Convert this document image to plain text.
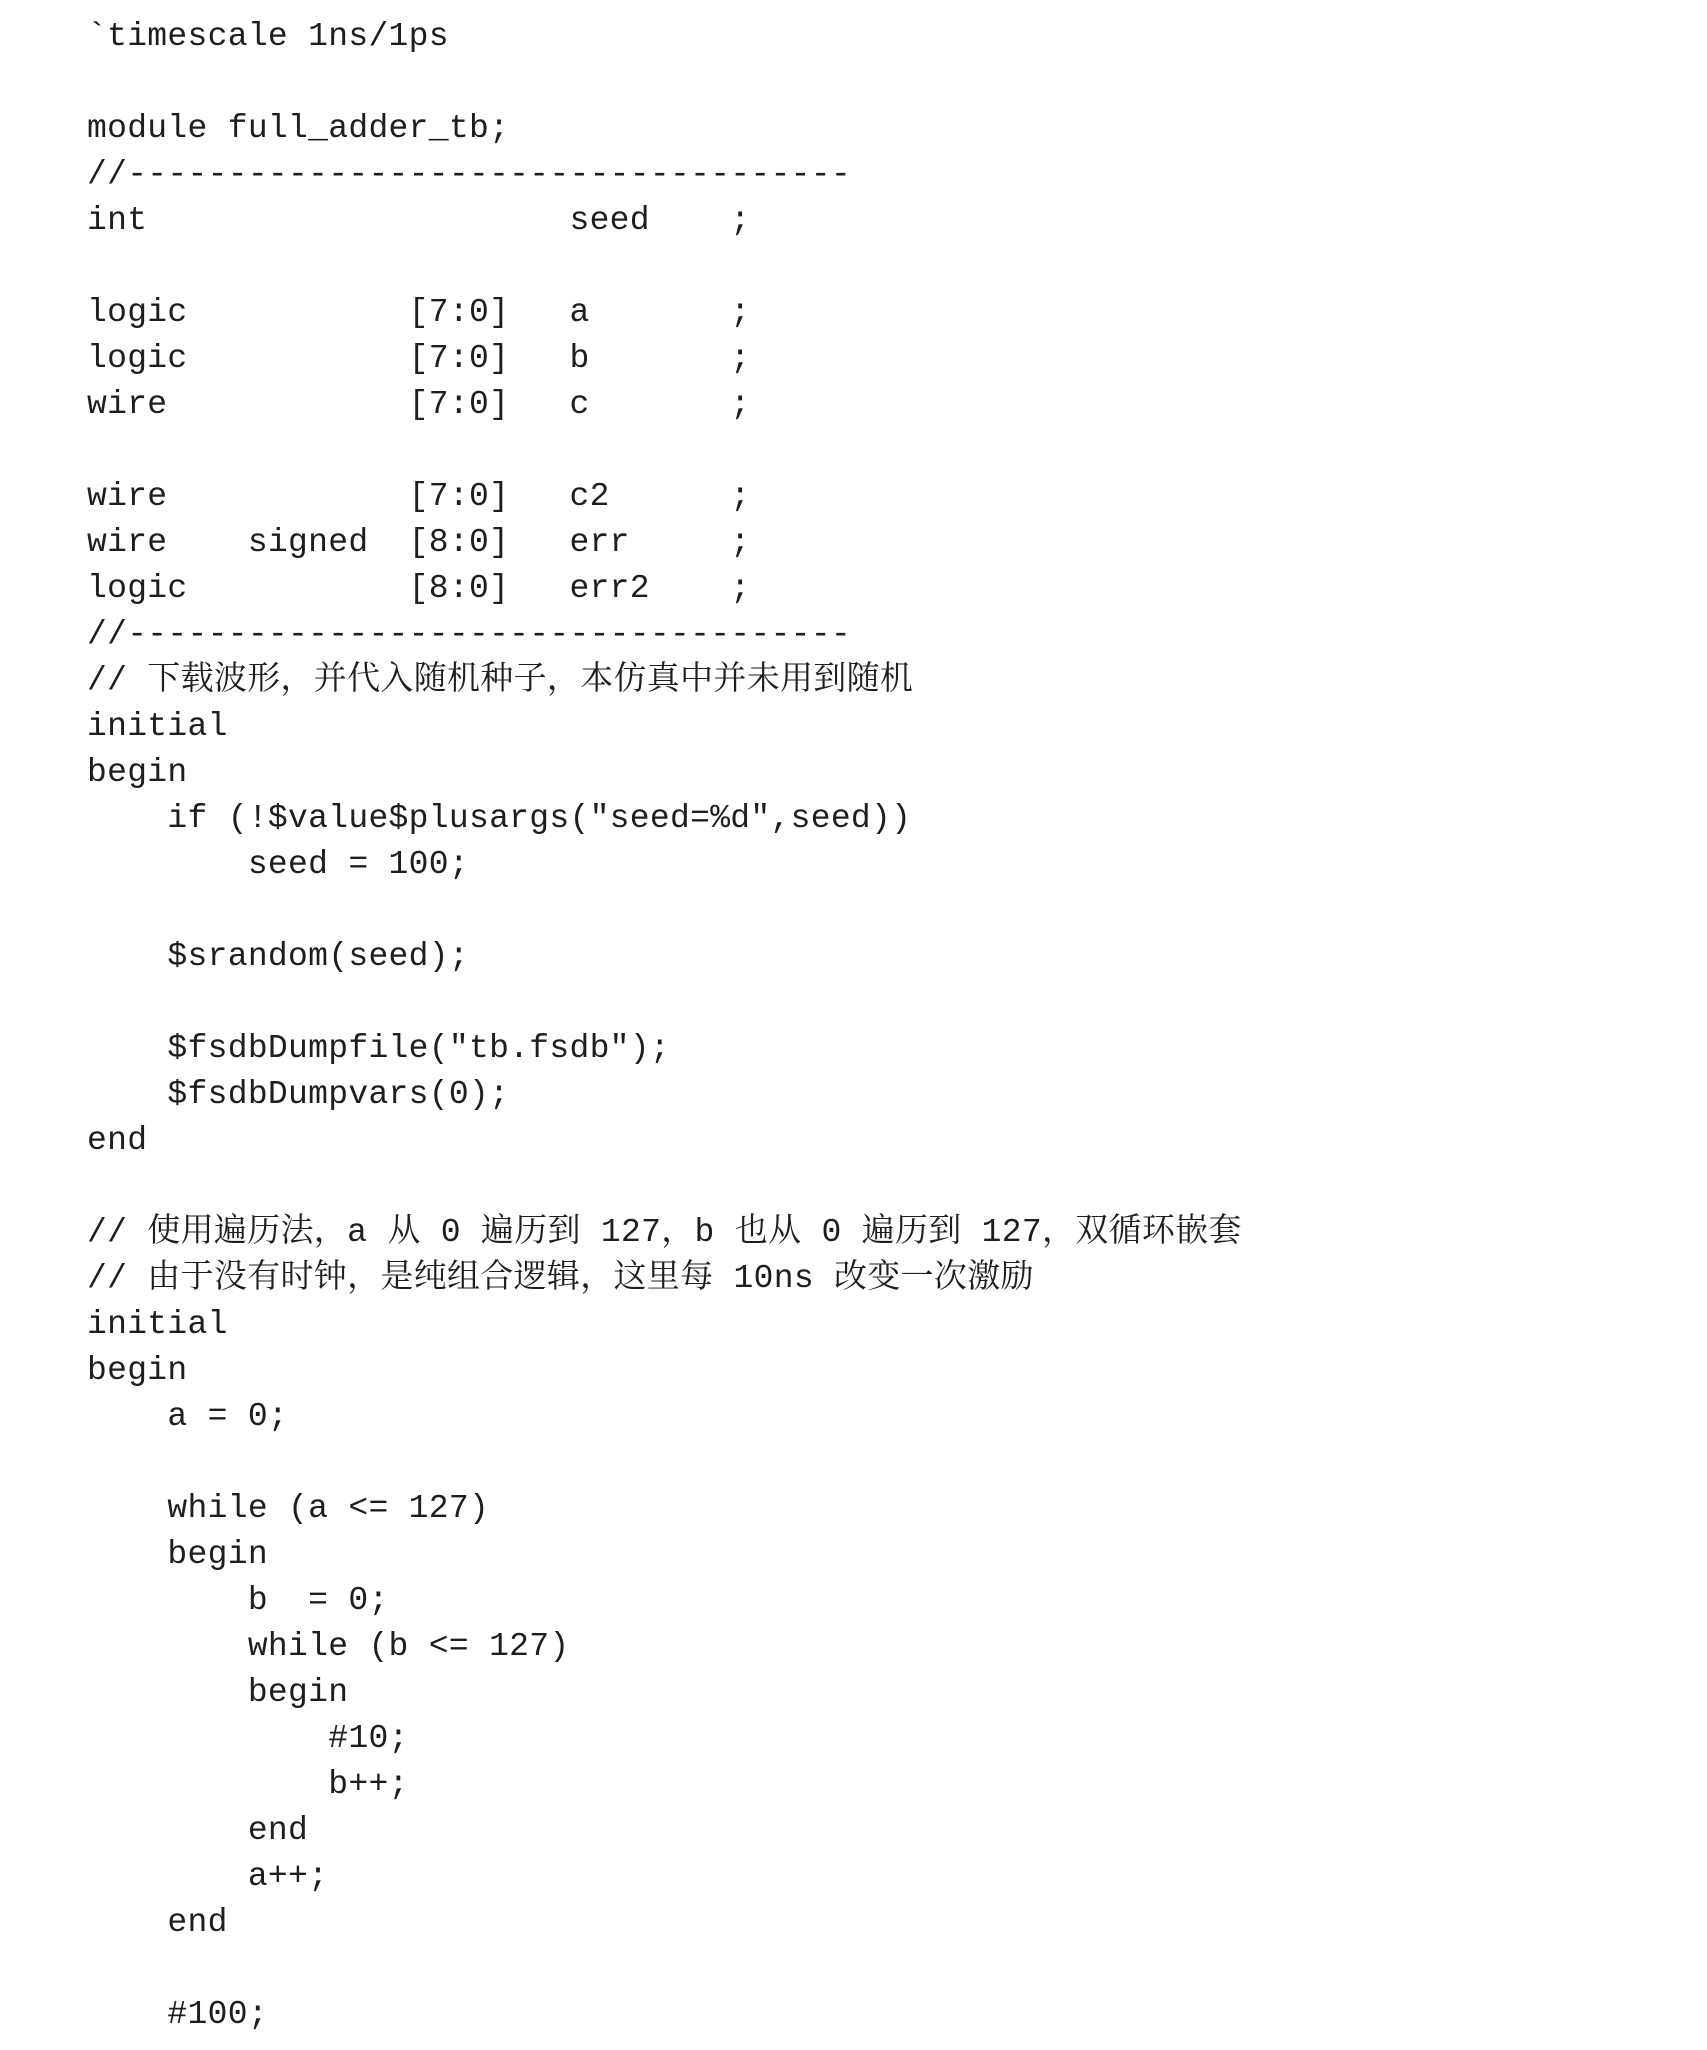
`timescale 1ns/1ps
module full_adder_tb;
//------------------------------------
int                     seed    ;
logic           [7:0]   a       ;
logic           [7:0]   b       ;
wire            [7:0]   c       ;
wire            [7:0]   c2      ;
wire    signed  [8:0]   err     ;
logic           [8:0]   err2    ;
//------------------------------------
// 下载波形，并代入随机种子，本仿真中并未用到随机
initial
begin
if (!$value$plusargs("seed=%d",seed))
seed = 100;
$srandom(seed);
$fsdbDumpfile("tb.fsdb");
$fsdbDumpvars(0);
end
// 使用遍历法，a 从 0 遍历到 127，b 也从 0 遍历到 127，双循环嵌套
// 由于没有时钟，是纯组合逻辑，这里每 10ns 改变一次激励
initial
begin
a = 0;
while (a <= 127)
begin
b  = 0;
while (b <= 127)
begin
#10;
b++;
end
a++;
end
#100;
